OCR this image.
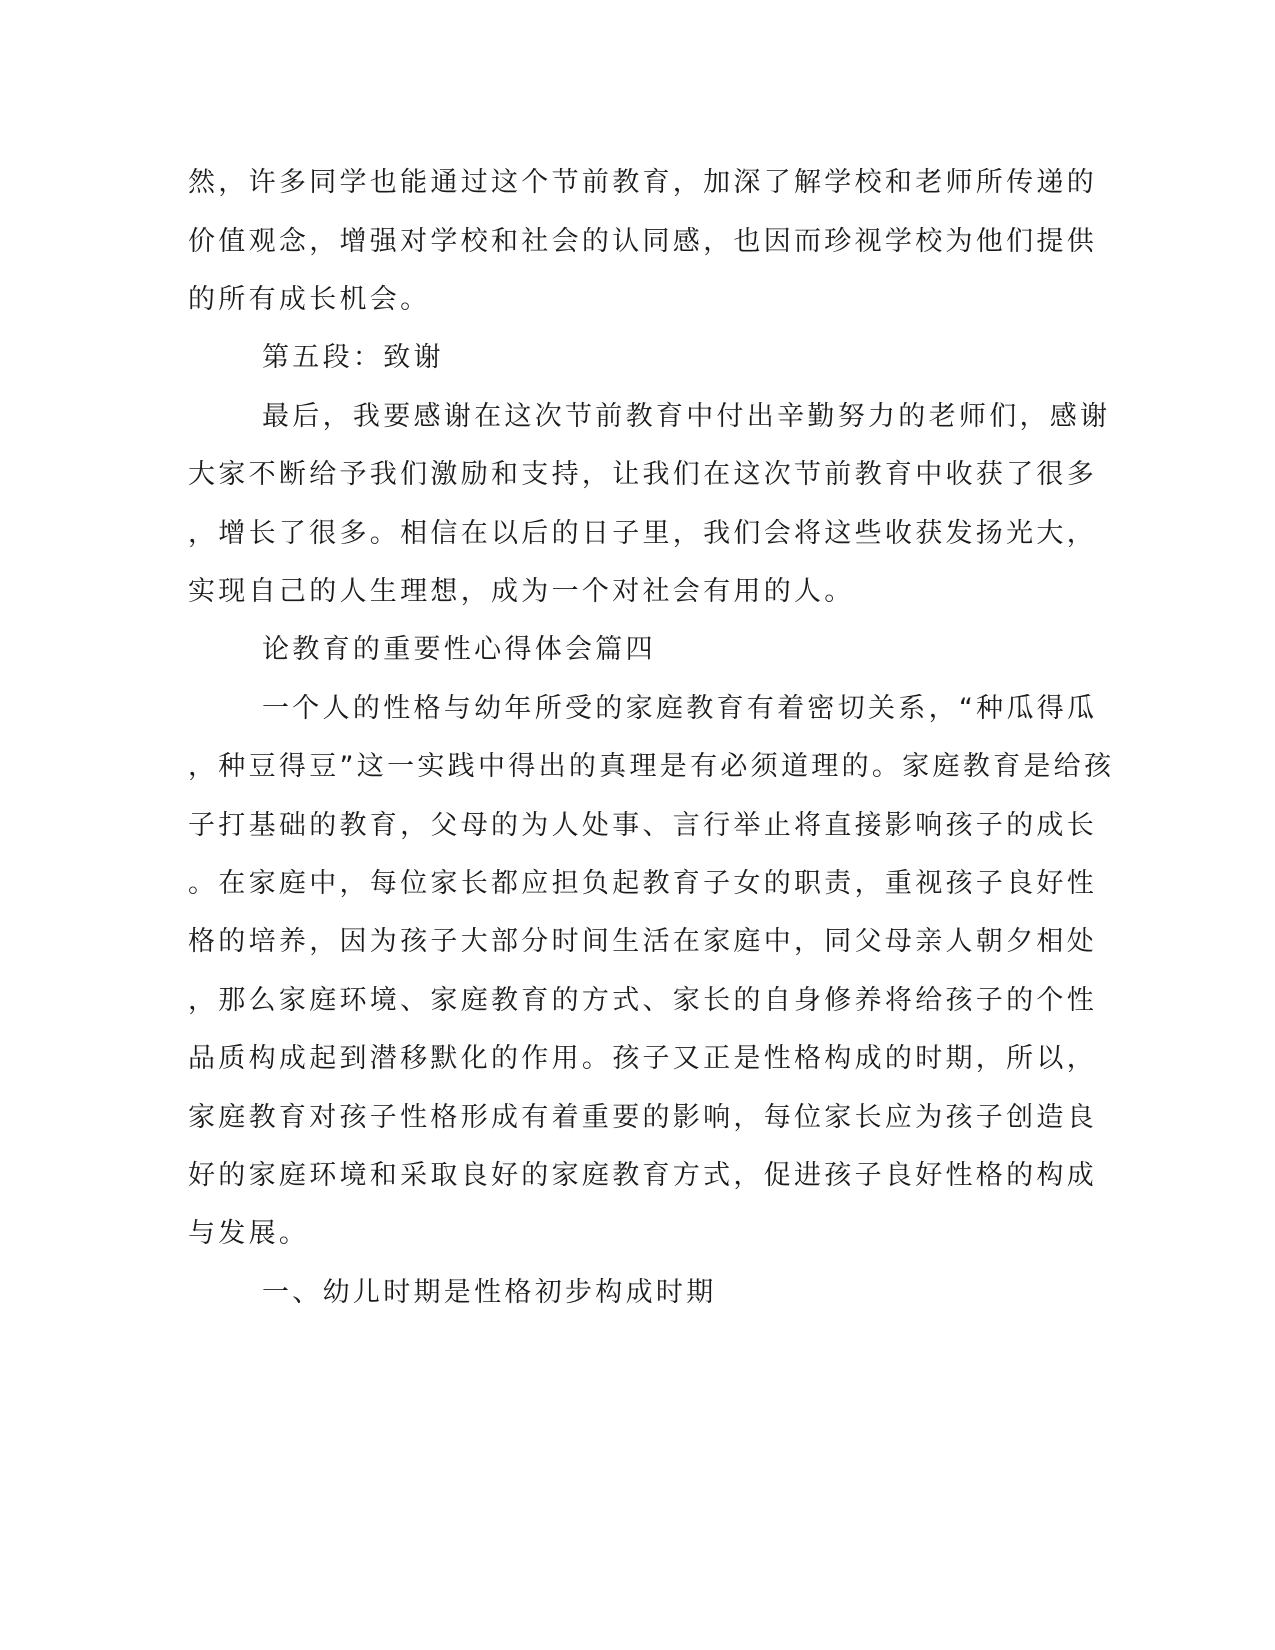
然，许多同学也能通过这个节前教育，加深了解学校和老师所传递的
价值观念，增强对学校和社会的认同感，也因而珍视学校为他们提供
的所有成长机会。
第五段：致谢
最后，我要感谢在这次节前教育中付出辛勤努力的老师们，感谢
大家不断给予我们激励和支持，让我们在这次节前教育中收获了很多
，增长了很多。相信在以后的日子里，我们会将这些收获发扬光大，
实现自己的人生理想，成为一个对社会有用的人。
论教育的重要性心得体会篇四
一个人的性格与幼年所受的家庭教育有着密切关系，“种瓜得瓜
，种豆得豆”这一实践中得出的真理是有必须道理的。家庭教育是给孩
子打基础的教育，父母的为人处事、言行举止将直接影响孩子的成长
。在家庭中，每位家长都应担负起教育子女的职责，重视孩子良好性
格的培养，因为孩子大部分时间生活在家庭中，同父母亲人朝夕相处
，那么家庭环境、家庭教育的方式、家长的自身修养将给孩子的个性
品质构成起到潜移默化的作用。孩子又正是性格构成的时期，所以，
家庭教育对孩子性格形成有着重要的影响，每位家长应为孩子创造良
好的家庭环境和采取良好的家庭教育方式，促进孩子良好性格的构成
与发展。
一、幼儿时期是性格初步构成时期
